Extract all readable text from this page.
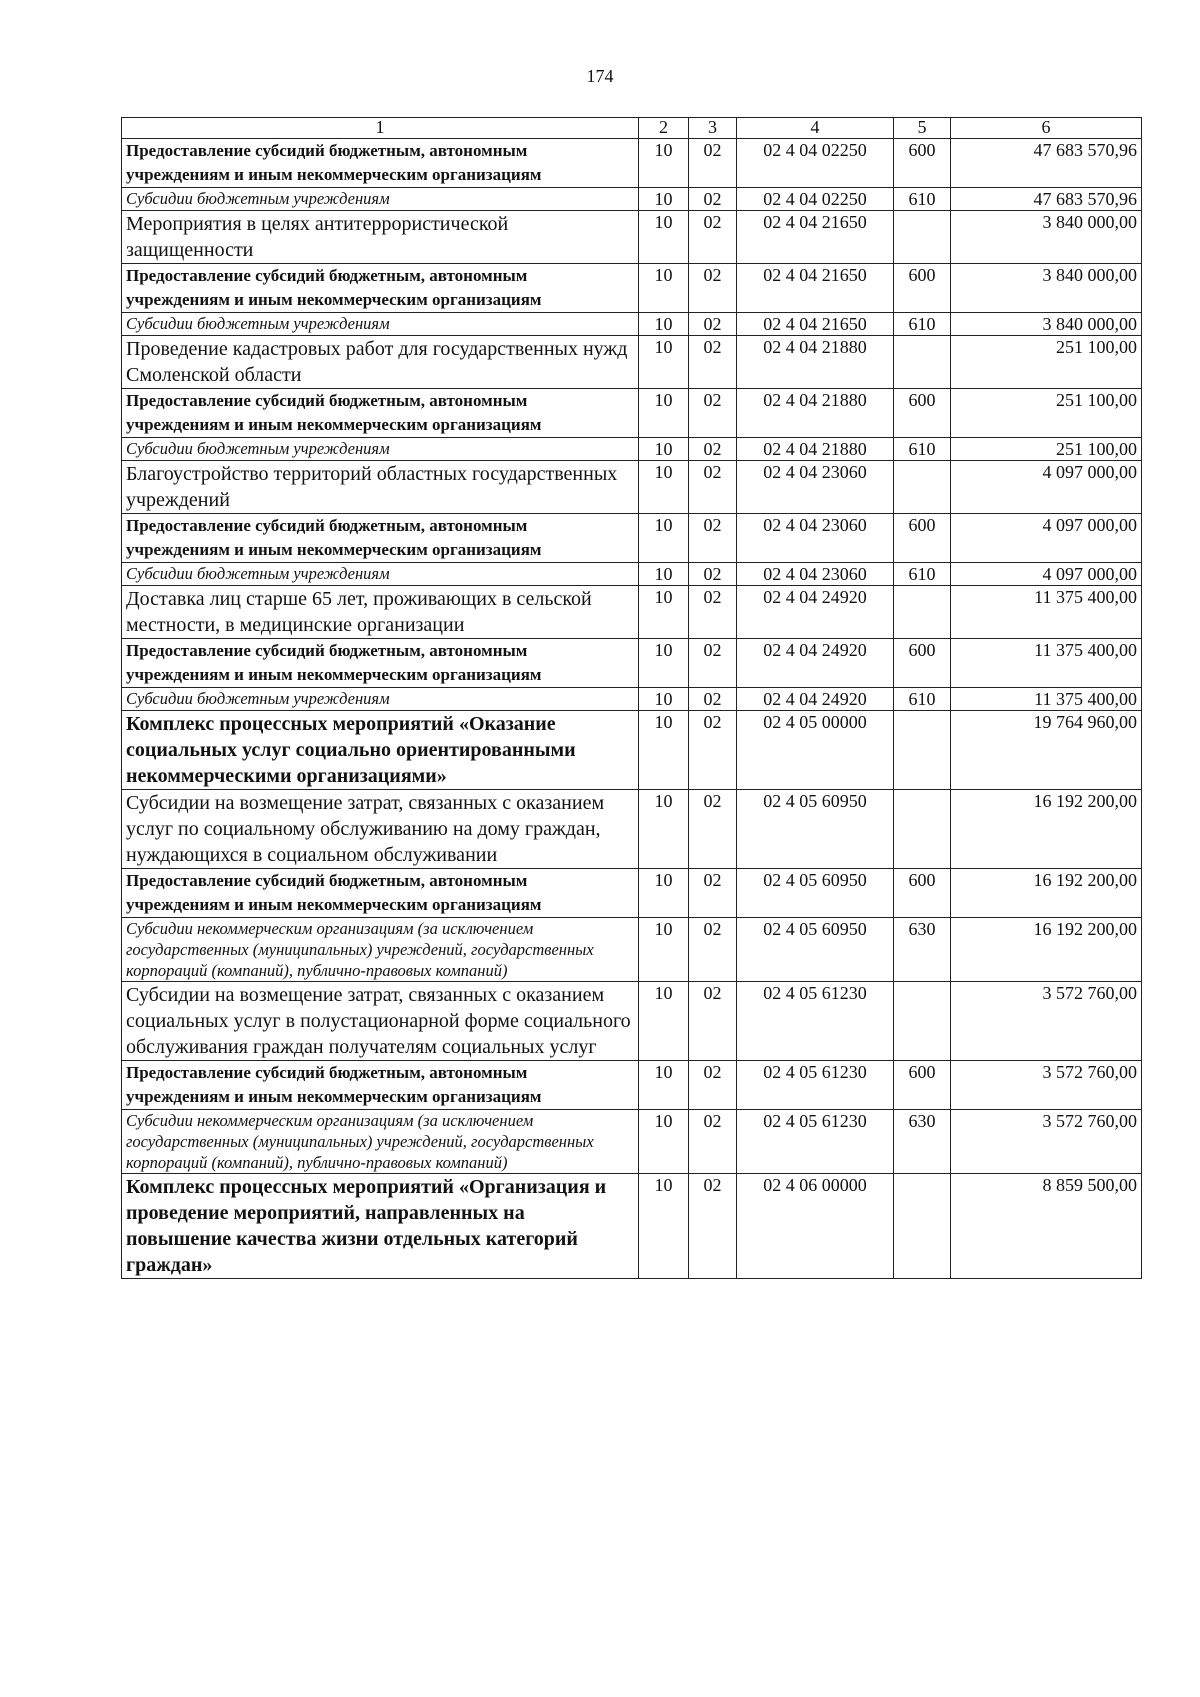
174
1	2	3	4	5	6
Предоставление субсидий бюджетным, автономным учреждениям и иным некоммерческим организациям	10	02	02 4 04 02250	600	47 683 570,96
Субсидии бюджетным учреждениям	10	02	02 4 04 02250	610	47 683 570,96
Мероприятия в целях антитеррористической защищенности	10	02	02 4 04 21650		3 840 000,00
Предоставление субсидий бюджетным, автономным учреждениям и иным некоммерческим организациям	10	02	02 4 04 21650	600	3 840 000,00
Субсидии бюджетным учреждениям	10	02	02 4 04 21650	610	3 840 000,00
Проведение кадастровых работ для государственных нужд Смоленской области	10	02	02 4 04 21880		251 100,00
Предоставление субсидий бюджетным, автономным учреждениям и иным некоммерческим организациям	10	02	02 4 04 21880	600	251 100,00
Субсидии бюджетным учреждениям	10	02	02 4 04 21880	610	251 100,00
Благоустройство территорий областных государственных учреждений	10	02	02 4 04 23060		4 097 000,00
Предоставление субсидий бюджетным, автономным учреждениям и иным некоммерческим организациям	10	02	02 4 04 23060	600	4 097 000,00
Субсидии бюджетным учреждениям	10	02	02 4 04 23060	610	4 097 000,00
Доставка лиц старше 65 лет, проживающих в сельской местности, в медицинские организации	10	02	02 4 04 24920		11 375 400,00
Предоставление субсидий бюджетным, автономным учреждениям и иным некоммерческим организациям	10	02	02 4 04 24920	600	11 375 400,00
Субсидии бюджетным учреждениям	10	02	02 4 04 24920	610	11 375 400,00
Комплекс процессных мероприятий «Оказание социальных услуг социально ориентированными некоммерческими организациями»	10	02	02 4 05 00000		19 764 960,00
Субсидии на возмещение затрат, связанных с оказанием услуг по социальному обслуживанию на дому граждан, нуждающихся в социальном обслуживании	10	02	02 4 05 60950		16 192 200,00
Предоставление субсидий бюджетным, автономным учреждениям и иным некоммерческим организациям	10	02	02 4 05 60950	600	16 192 200,00
Субсидии некоммерческим организациям (за исключением государственных (муниципальных) учреждений, государственных корпораций (компаний), публично-правовых компаний)	10	02	02 4 05 60950	630	16 192 200,00
Субсидии на возмещение затрат, связанных с оказанием социальных услуг в полустационарной форме социального обслуживания граждан получателям социальных услуг	10	02	02 4 05 61230		3 572 760,00
Предоставление субсидий бюджетным, автономным учреждениям и иным некоммерческим организациям	10	02	02 4 05 61230	600	3 572 760,00
Субсидии некоммерческим организациям (за исключением государственных (муниципальных) учреждений, государственных корпораций (компаний), публично-правовых компаний)	10	02	02 4 05 61230	630	3 572 760,00
Комплекс процессных мероприятий «Организация и проведение мероприятий, направленных на повышение качества жизни отдельных категорий граждан»	10	02	02 4 06 00000		8 859 500,00
